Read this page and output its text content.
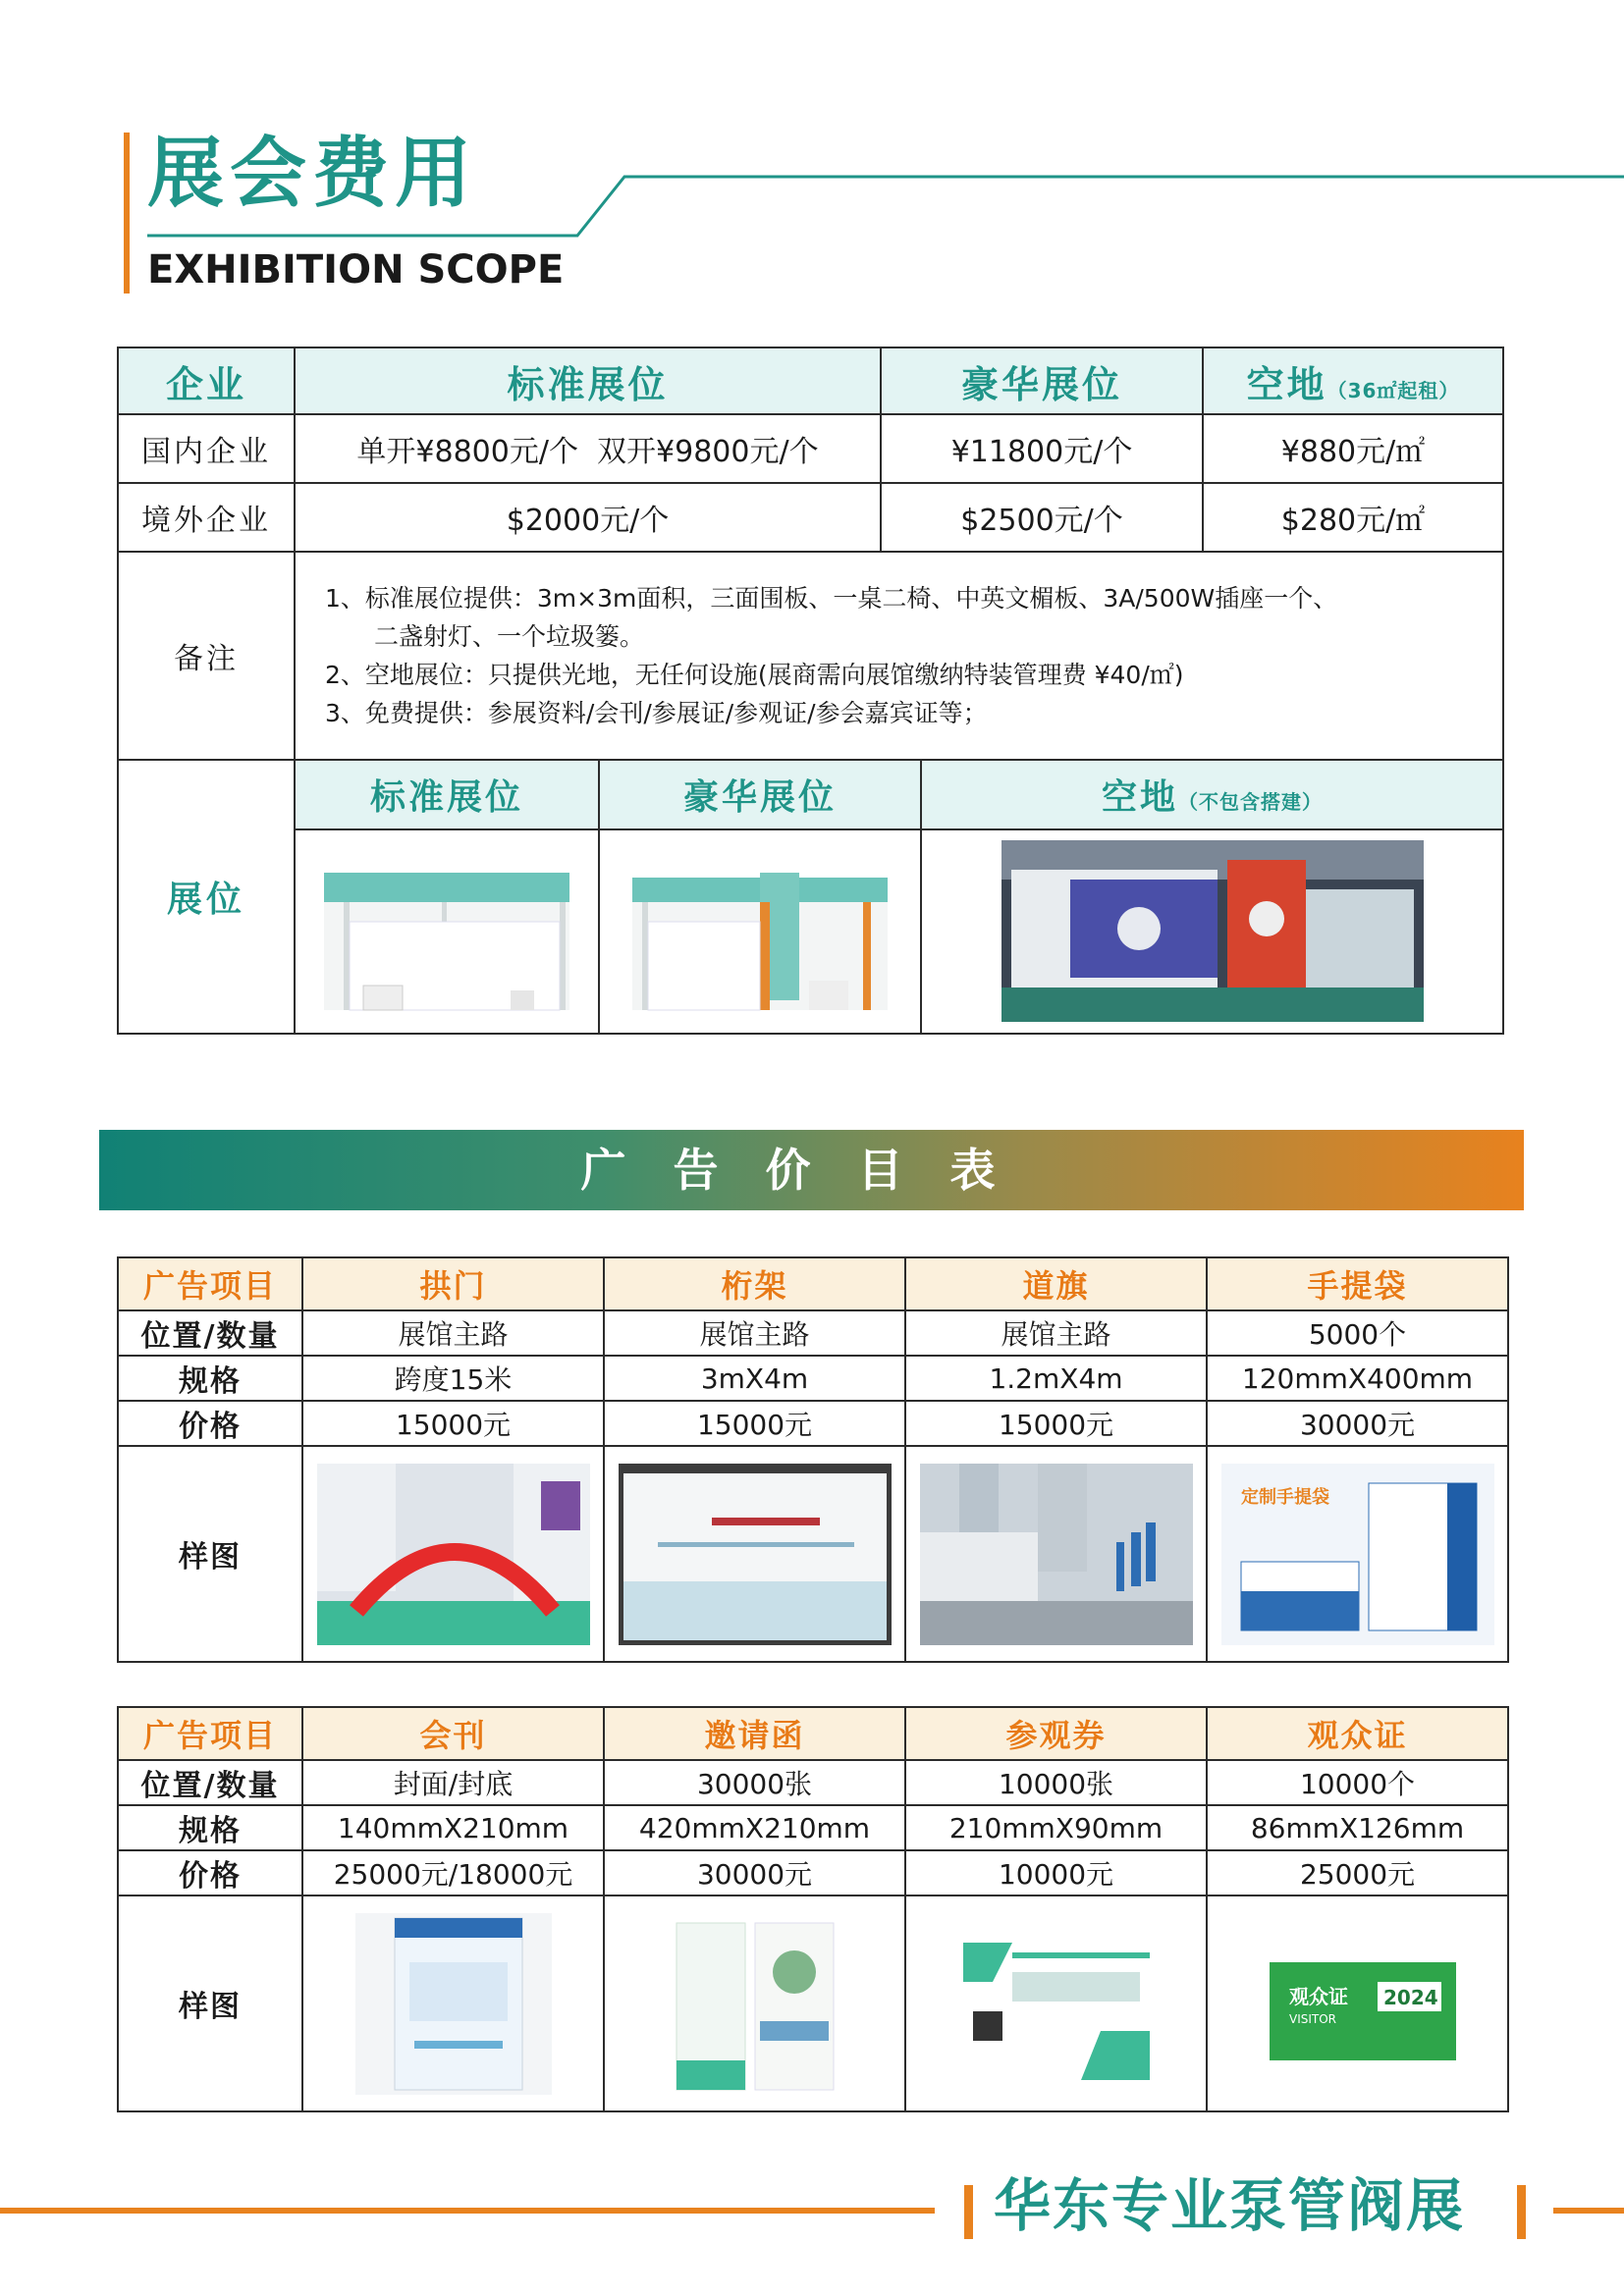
展会费用
EXHIBITION SCOPE
企业	标准展位	豪华展位	空地（36㎡起租）
国内企业	单开¥8800元/个  双开¥9800元/个	¥11800元/个	¥880元/㎡
境外企业	$2000元/个	$2500元/个	$280元/㎡
备注	
1、标准展位提供：3m×3m面积，三面围板、一桌二椅、中英文楣板、3A/500W插座一个、
二盏射灯、一个垃圾篓。
2、空地展位：只提供光地，无任何设施(展商需向展馆缴纳特装管理费 ¥40/㎡)
3、免费提供：参展资料/会刊/参展证/参观证/参会嘉宾证等；

展位	
标准展位	豪华展位	空地（不包含搭建）

广告价目表
广告项目	拱门	桁架	道旗	手提袋
位置/数量	展馆主路	展馆主路	展馆主路	5000个
规格	跨度15米	3mX4m	1.2mX4m	120mmX400mm
价格	15000元	15000元	15000元	30000元
样图				定制手提袋
广告项目	会刊	邀请函	参观券	观众证
位置/数量	封面/封底	30000张	10000张	10000个
规格	140mmX210mm	420mmX210mm	210mmX90mm	86mmX126mm
价格	25000元/18000元	30000元	10000元	25000元
样图				观众证
VISITOR
2024
华东专业泵管阀展
